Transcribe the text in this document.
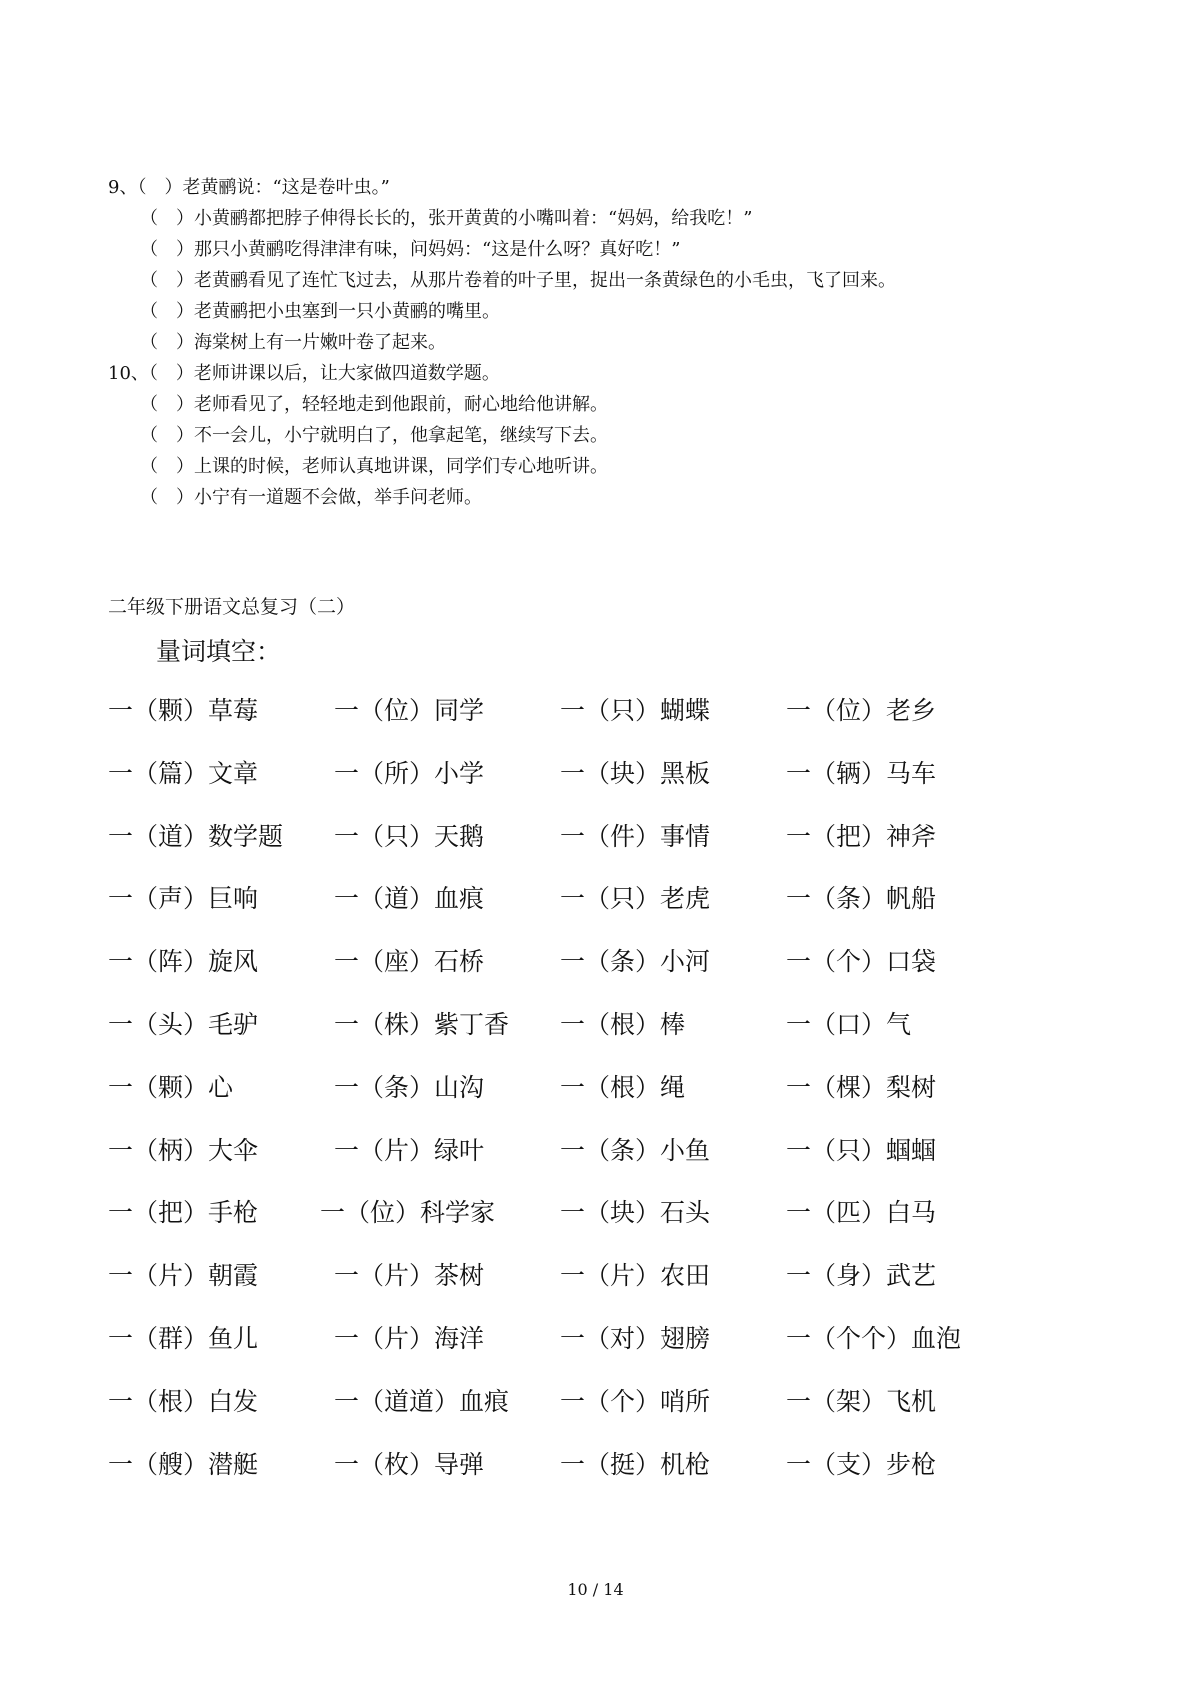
9、（　）老黄鹂说：“这是卷叶虫。”
（　）小黄鹂都把脖子伸得长长的，张开黄黄的小嘴叫着：“妈妈，给我吃！”
（　）那只小黄鹂吃得津津有味，问妈妈：“这是什么呀？真好吃！”
（　）老黄鹂看见了连忙飞过去，从那片卷着的叶子里，捉出一条黄绿色的小毛虫，飞了回来。
（　）老黄鹂把小虫塞到一只小黄鹂的嘴里。
（　）海棠树上有一片嫩叶卷了起来。
10、（　）老师讲课以后，让大家做四道数学题。
（　）老师看见了，轻轻地走到他跟前，耐心地给他讲解。
（　）不一会儿，小宁就明白了，他拿起笔，继续写下去。
（　）上课的时候，老师认真地讲课，同学们专心地听讲。
（　）小宁有一道题不会做，举手问老师。
二年级下册语文总复习（二）
量词填空：
一（颗）草莓	一（位）同学	一（只）蝴蝶	一（位）老乡
一（篇）文章	一（所）小学	一（块）黑板	一（辆）马车
一（道）数学题 一（只）天鹅	一（件）事情	一（把）神斧
一（声）巨响	一（道）血痕	一（只）老虎	一（条）帆船
一（阵）旋风	一（座）石桥	一（条）小河	一（个）口袋
一（头）毛驴	一（株）紫丁香 一（根）棒	一（口）气
一（颗）心	一（条）山沟	一（根）绳	一（棵）梨树
一（柄）大伞	一（片）绿叶	一（条）小鱼	一（只）蝈蝈
一（把）手枪 一（位）科学家	一（块）石头	一（匹）白马
一（片）朝霞	一（片）茶树	一（片）农田	一（身）武艺
一（群）鱼儿	一（片）海洋	一（对）翅膀	一（个个）血泡
一（根）白发	一（道道）血痕 一（个）哨所	一（架）飞机
一（艘）潜艇	一（枚）导弹	一（挺）机枪	一（支）步枪
10 / 14
